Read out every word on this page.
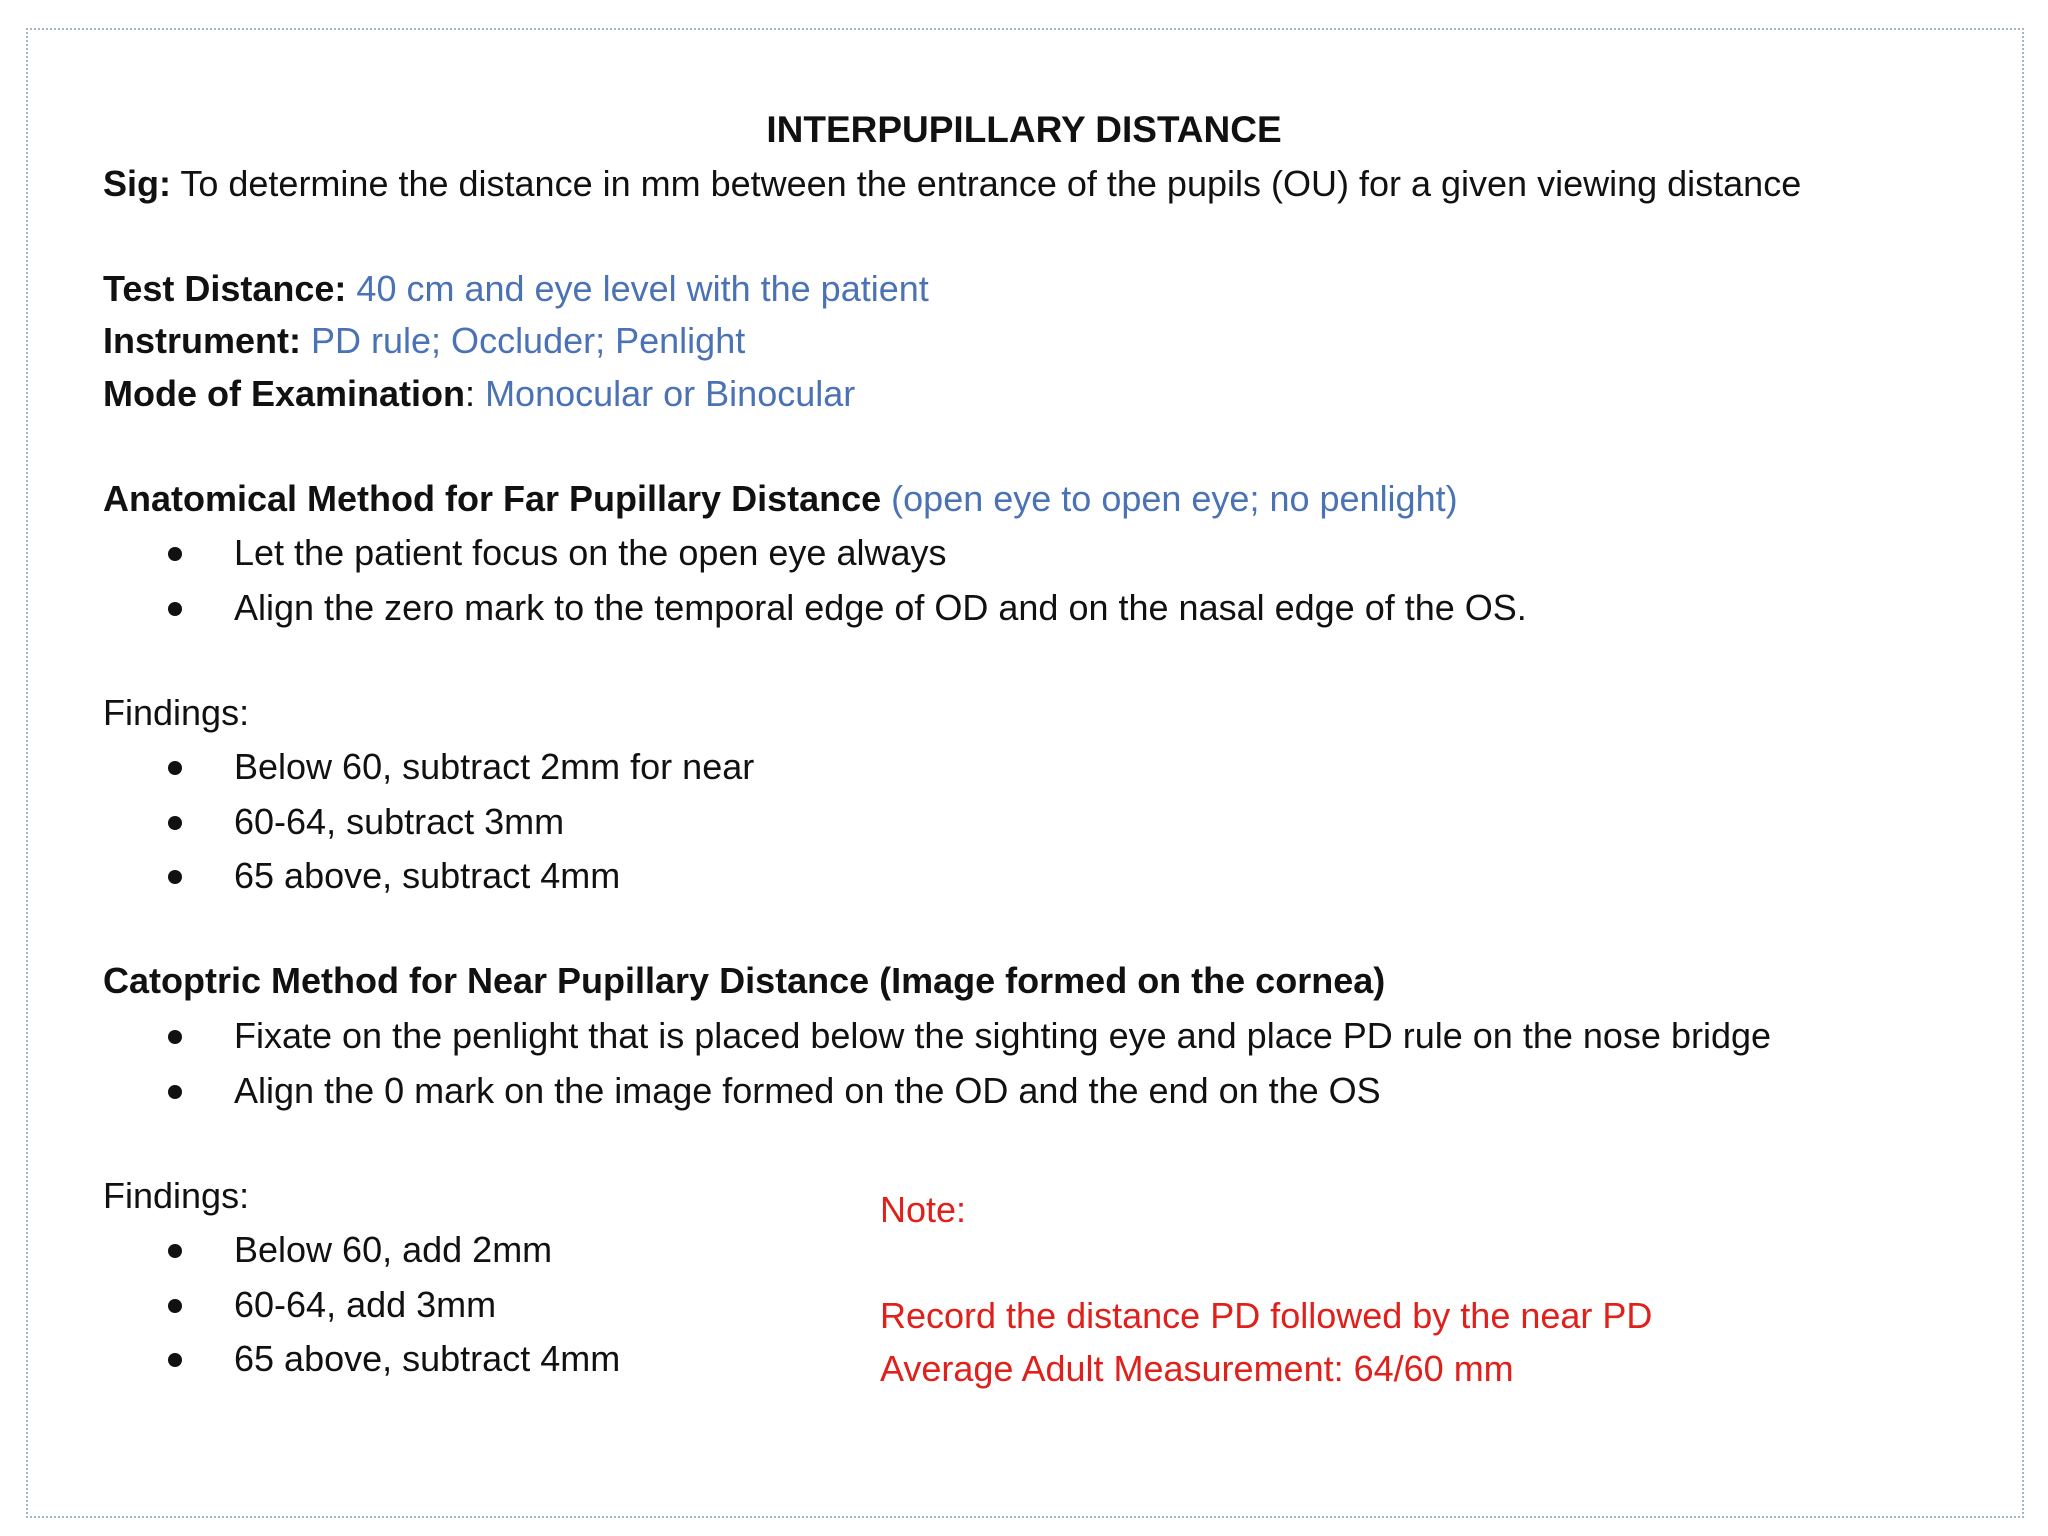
INTERPUPILLARY DISTANCE
Sig: To determine the distance in mm between the entrance of the pupils (OU) for a given viewing distance
Test Distance: 40 cm and eye level with the patient
Instrument: PD rule; Occluder; Penlight
Mode of Examination: Monocular or Binocular
Anatomical Method for Far Pupillary Distance (open eye to open eye; no penlight)
Let the patient focus on the open eye always
Align the zero mark to the temporal edge of OD and on the nasal edge of the OS.
Findings:
Below 60, subtract 2mm for near
60-64, subtract 3mm
65 above, subtract 4mm
Catoptric Method for Near Pupillary Distance (Image formed on the cornea)
Fixate on the penlight that is placed below the sighting eye and place PD rule on the nose bridge
Align the 0 mark on the image formed on the OD and the end on the OS
Findings:
Below 60, add 2mm
60-64, add 3mm
65 above, subtract 4mm
Note:
Record the distance PD followed by the near PD
Average Adult Measurement: 64/60 mm
